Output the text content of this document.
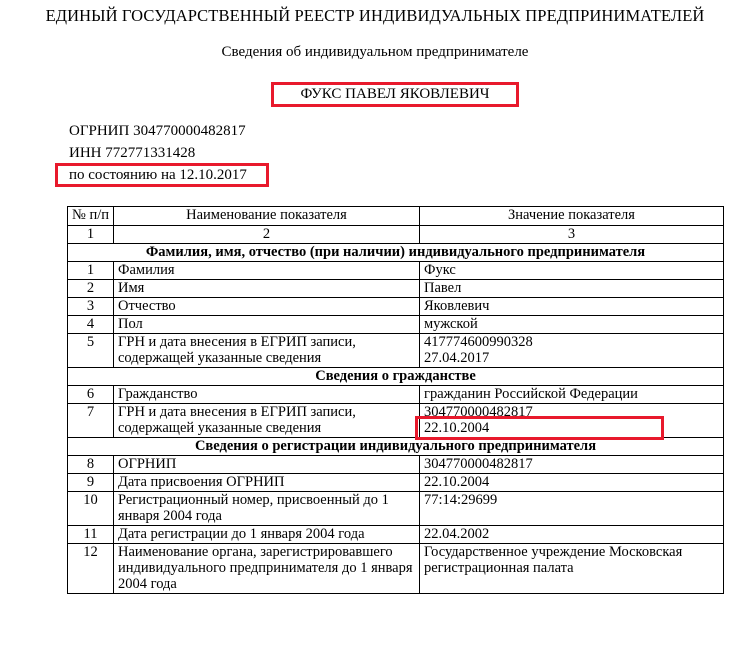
ЕДИНЫЙ ГОСУДАРСТВЕННЫЙ РЕЕСТР ИНДИВИДУАЛЬНЫХ ПРЕДПРИНИМАТЕЛЕЙ
Сведения об индивидуальном предпринимателе
ФУКС ПАВЕЛ ЯКОВЛЕВИЧ
ОГРНИП 304770000482817
ИНН 772771331428
по состоянию на 12.10.2017
№ п/п	Наименование показателя	Значение показателя
1	2	3
Фамилия, имя, отчество (при наличии) индивидуального предпринимателя		
1	Фамилия	Фукс
2	Имя	Павел
3	Отчество	Яковлевич
4	Пол	мужской
5	ГРН и дата внесения в ЕГРИП записи, содержащей указанные сведения	417774600990328
27.04.2017

Сведения о гражданстве		
6	Гражданство	гражданин Российской Федерации
7	ГРН и дата внесения в ЕГРИП записи, содержащей указанные сведения	304770000482817
22.10.2004

Сведения о регистрации индивидуального предпринимателя		
8	ОГРНИП	304770000482817
9	Дата присвоения ОГРНИП	22.10.2004
10	Регистрационный номер, присвоенный до 1 января 2004 года	77:14:29699
11	Дата регистрации до 1 января 2004 года	22.04.2002
12	Наименование органа, зарегистрировавшего индивидуального предпринимателя до 1 января 2004 года	Государственное учреждение Московская регистрационная палата
